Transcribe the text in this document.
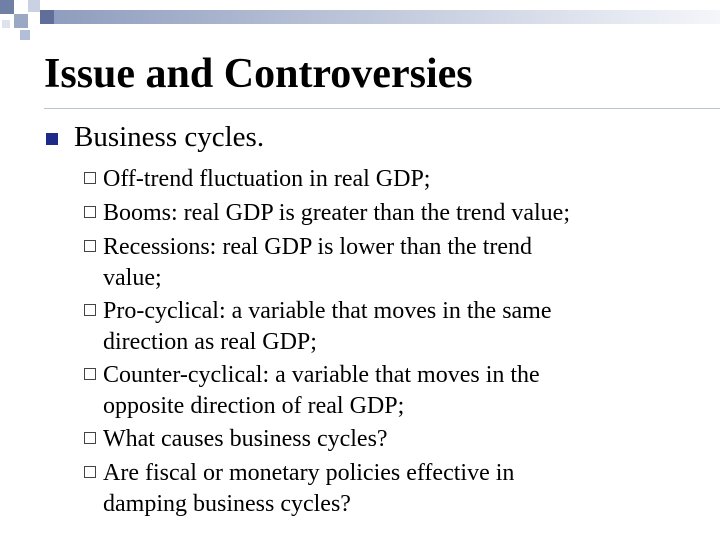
Issue and Controversies
Business cycles.
Off-trend fluctuation in real GDP;
Booms: real GDP is greater than the trend value;
Recessions: real GDP is lower than the trend
value;
Pro-cyclical: a variable that moves in the same
direction as real GDP;
Counter-cyclical: a variable that moves in the
opposite direction of real GDP;
What causes business cycles?
Are fiscal or monetary policies effective in
damping business cycles?
